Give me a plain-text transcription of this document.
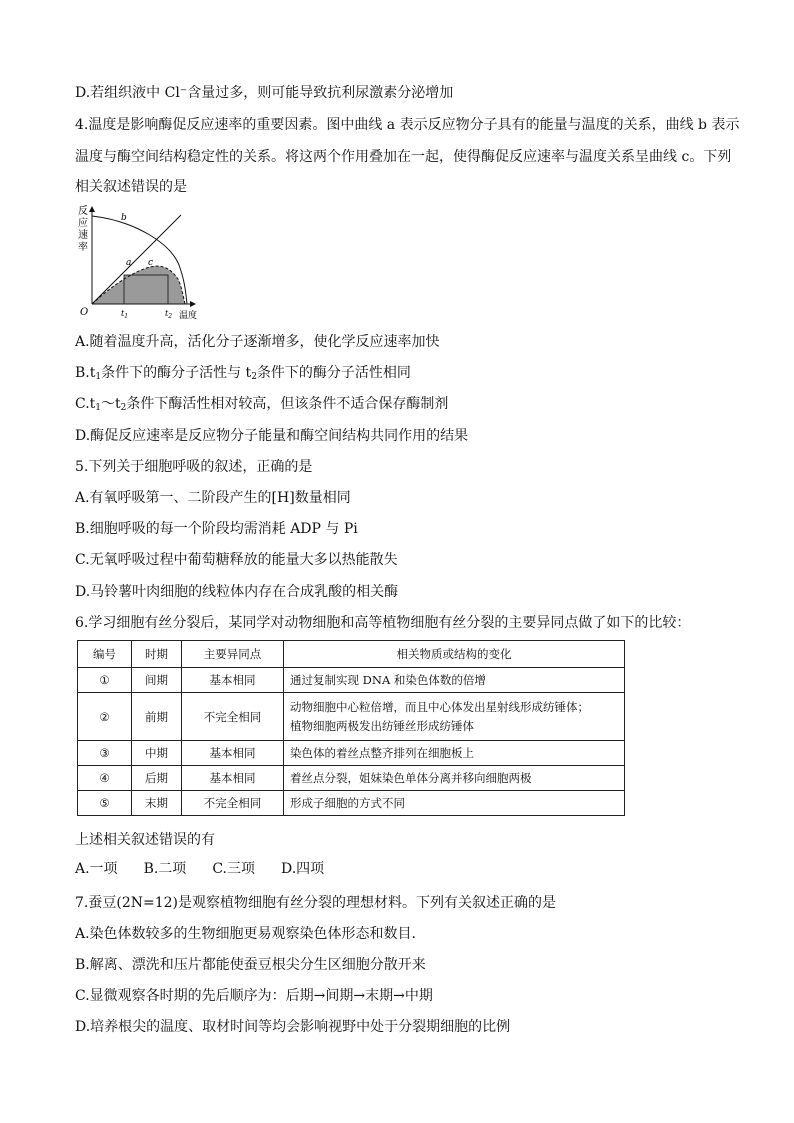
D.若组织液中 Cl⁻含量过多，则可能导致抗利尿激素分泌增加
4.温度是影响酶促反应速率的重要因素。图中曲线 a 表示反应物分子具有的能量与温度的关系，曲线 b 表示
温度与酶空间结构稳定性的关系。将这两个作用叠加在一起，使得酶促反应速率与温度关系呈曲线 c。下列
相关叙述错误的是
反
应
速
率
O	温度
b
a c
$t_1$	$t_2$
A.随着温度升高，活化分子逐渐增多，使化学反应速率加快
$B.t_1$条件下的酶分子活性与 $t_2$条件下的酶分子活性相同
$C.t_1\sim t_2$条件下酶活性相对较高，但该条件不适合保存酶制剂
D.酶促反应速率是反应物分子能量和酶空间结构共同作用的结果
5.下列关于细胞呼吸的叙述，正确的是
A.有氧呼吸第一、二阶段产生的[H]数量相同
B.细胞呼吸的每一个阶段均需消耗 ADP 与 Pi
C.无氧呼吸过程中葡萄糖释放的能量大多以热能散失
D.马铃薯叶肉细胞的线粒体内存在合成乳酸的相关酶
6.学习细胞有丝分裂后，某同学对动物细胞和高等植物细胞有丝分裂的主要异同点做了如下的比较：
编号	时期	主要异同点	相关物质或结构的变化
①	间期	基本相同	通过复制实现 DNA 和染色体数的倍增
②	前期	不完全相同	动物细胞中心粒倍增，而且中心体发出星射线形成纺锤体；
植物细胞两极发出纺锤丝形成纺锤体

③	中期	基本相同	染色体的着丝点整齐排列在细胞板上
④	后期	基本相同	着丝点分裂，姐妹染色单体分离并移向细胞两极
⑤	末期	不完全相同	形成子细胞的方式不同
上述相关叙述错误的有
A.一项 B.二项 C.三项 D.四项
7.蚕豆(2N=12)是观察植物细胞有丝分裂的理想材料。下列有关叙述正确的是
A.染色体数较多的生物细胞更易观察染色体形态和数目.
B.解离、漂洗和压片都能使蚕豆根尖分生区细胞分散开来
C.显微观察各时期的先后顺序为：后期→间期→末期→中期
D.培养根尖的温度、取材时间等均会影响视野中处于分裂期细胞的比例
